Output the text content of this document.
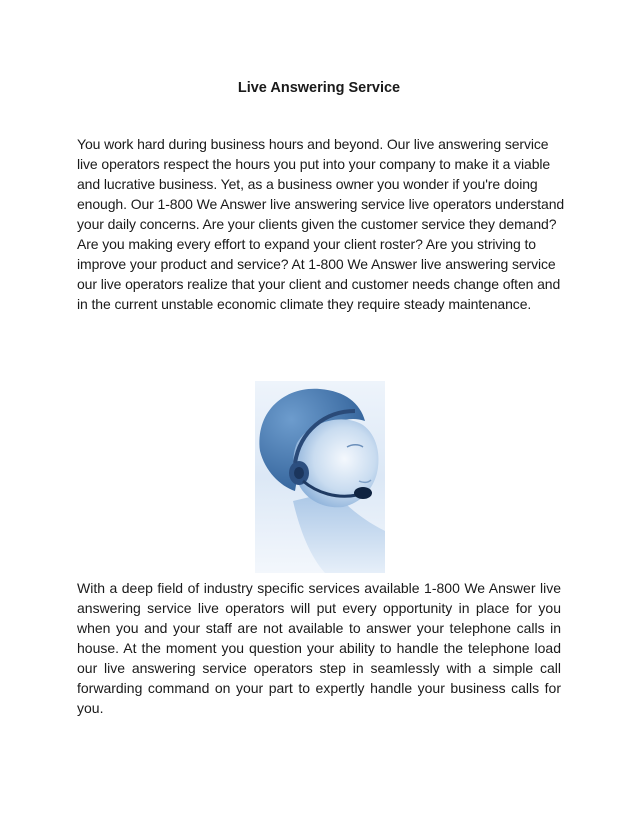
Live Answering Service

You work hard during business hours and beyond. Our live answering service live operators respect the hours you put into your company to make it a viable and lucrative business. Yet, as a business owner you wonder if you're doing enough. Our 1-800 We Answer live answering service live operators understand your daily concerns. Are your clients given the customer service they demand? Are you making every effort to expand your client roster? Are you striving to improve your product and service? At 1-800 We Answer live answering service our live operators realize that your client and customer needs change often and in the current unstable economic climate they require steady maintenance.

With a deep field of industry specific services available 1-800 We Answer live answering service live operators will put every opportunity in place for you when you and your staff are not available to answer your telephone calls in house. At the moment you question your ability to handle the telephone load our live answering service operators step in seamlessly with a simple call forwarding command on your part to expertly handle your business calls for you.
